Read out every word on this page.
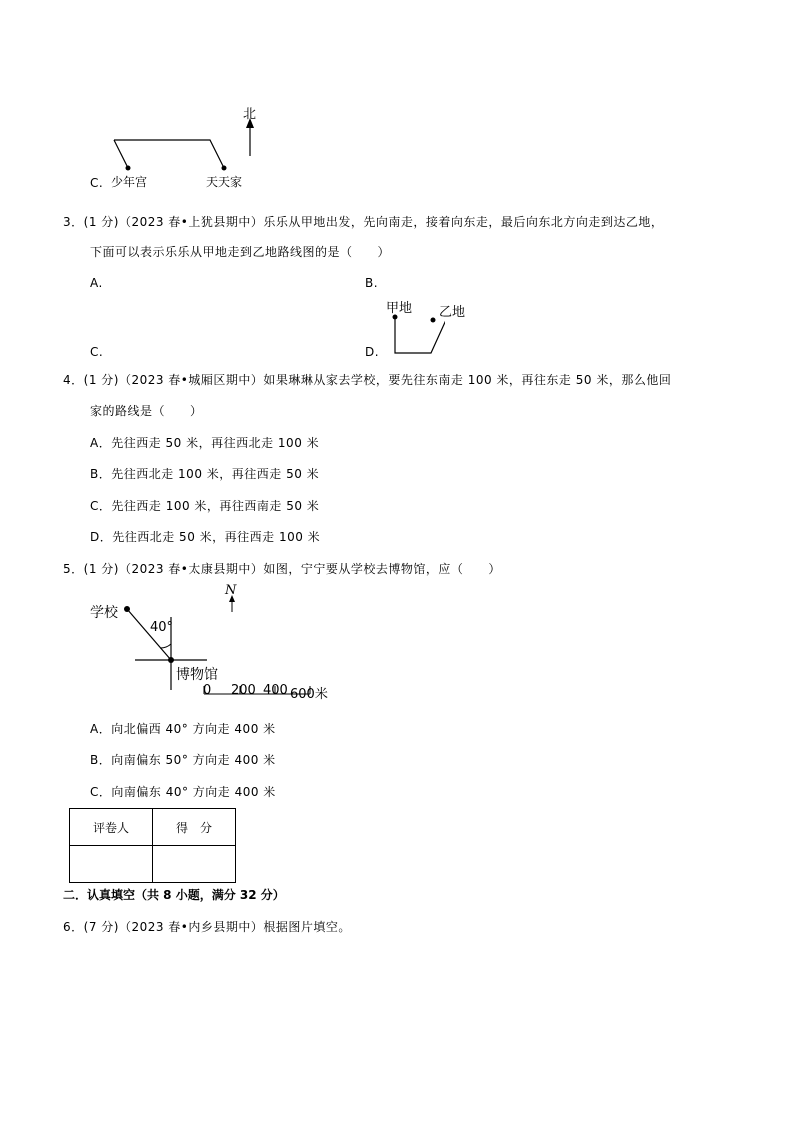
C.
北
少年宫	天天家
3．(1 分)（2023 春•上犹县期中）乐乐从甲地出发，先向南走，接着向东走，最后向东北方向走到达乙地，
下面可以表示乐乐从甲地走到乙地路线图的是（　　）
A.	B.
C.	D.
甲地 乙地
4．(1 分)（2023 春•城厢区期中）如果琳琳从家去学校，要先往东南走 100 米，再往东走 50 米，那么他回
家的路线是（　　）
A．先往西走 50 米，再往西北走 100 米
B．先往西北走 100 米，再往西走 50 米
C．先往西走 100 米，再往西南走 50 米
D．先往西北走 50 米，再往西走 100 米
5．(1 分)（2023 春•太康县期中）如图，宁宁要从学校去博物馆，应（　　）
N
学校
40°
博物馆
0 200 400 600米
A．向北偏西 40° 方向走 400 米
B．向南偏东 50° 方向走 400 米
C．向南偏东 40° 方向走 400 米
评卷人	得　分

二．认真填空（共 8 小题，满分 32 分）
6．(7 分)（2023 春•内乡县期中）根据图片填空。
